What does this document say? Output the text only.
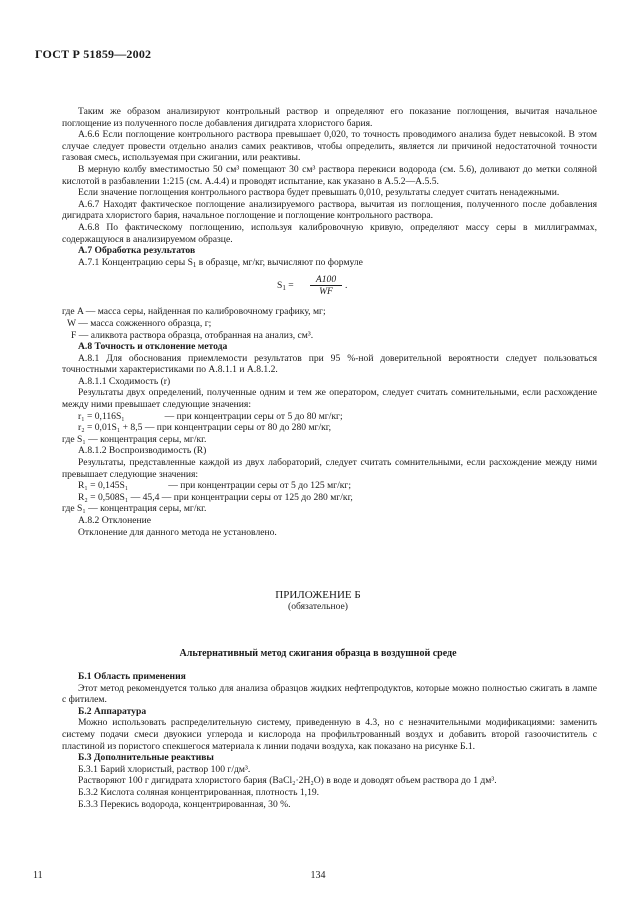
ГОСТ Р 51859—2002

Таким же образом анализируют контрольный раствор и определяют его показание поглощения, вычитая начальное поглощение из полученного после добавления дигидрата хлористого бария.

А.6.6 Если поглощение контрольного раствора превышает 0,020, то точность проводимого анализа будет невысокой. В этом случае следует провести отдельно анализ самих реактивов, чтобы определить, является ли причиной недостаточной точности газовая смесь, используемая при сжигании, или реактивы.

В мерную колбу вместимостью 50 см³ помещают 30 см³ раствора перекиси водорода (см. 5.6), доливают до метки соляной кислотой в разбавлении 1:215 (см. А.4.4) и проводят испытание, как указано в А.5.2—А.5.5.

Если значение поглощения контрольного раствора будет превышать 0,010, результаты следует считать ненадежными.

А.6.7 Находят фактическое поглощение анализируемого раствора, вычитая из поглощения, полученного после добавления дигидрата хлористого бария, начальное поглощение и поглощение контрольного раствора.

А.6.8 По фактическому поглощению, используя калибровочную кривую, определяют массу серы в миллиграммах, содержащуюся в анализируемом образце.

А.7 Обработка результатов

А.7.1 Концентрацию серы $S_1$ в образце, мг/кг, вычисляют по формуле

$S_1 = \frac{A100}{WF}$ .

где A — масса серы, найденная по калибровочному графику, мг;

W — масса сожженного образца, г;

F — аликвота раствора образца, отобранная на анализ, см³.

А.8 Точность и отклонение метода

А.8.1 Для обоснования приемлемости результатов при 95 %-ной доверительной вероятности следует пользоваться точностными характеристиками по А.8.1.1 и А.8.1.2.

А.8.1.1 Сходимость (r)

Результаты двух определений, полученные одним и тем же оператором, следует считать сомнительными, если расхождение между ними превышает следующие значения:

r₁ = 0,116S₁	— при концентрации серы от 5 до 80 мг/кг;

r₂ = 0,01S₁ + 8,5 — при концентрации серы от 80 до 280 мг/кг,

где S₁ — концентрация серы, мг/кг.

А.8.1.2 Воспроизводимость (R)

Результаты, представленные каждой из двух лабораторий, следует считать сомнительными, если расхождение между ними превышает следующие значения:

R₁ = 0,145S₁	— при концентрации серы от 5 до 125 мг/кг;

R₂ = 0,508S₁ — 45,4 — при концентрации серы от 125 до 280 мг/кг,

где S₁ — концентрация серы, мг/кг.

А.8.2 Отклонение

Отклонение для данного метода не установлено.

ПРИЛОЖЕНИЕ Б
(обязательное)
Альтернативный метод сжигания образца в воздушной среде

Б.1 Область применения

Этот метод рекомендуется только для анализа образцов жидких нефтепродуктов, которые можно полностью сжигать в лампе с фитилем.

Б.2 Аппаратура

Можно использовать распределительную систему, приведенную в 4.3, но с незначительными модификациями: заменить систему подачи смеси двуокиси углерода и кислорода на профильтрованный воздух и добавить второй газоочиститель с пластиной из пористого спекшегося материала к линии подачи воздуха, как показано на рисунке Б.1.

Б.3 Дополнительные реактивы

Б.3.1 Барий хлористый, раствор 100 г/дм³.

Растворяют 100 г дигидрата хлористого бария (BaCl₂·2H₂O) в воде и доводят объем раствора до 1 дм³.

Б.3.2 Кислота соляная концентрированная, плотность 1,19.

Б.3.3 Перекись водорода, концентрированная, 30 %.

11	134
